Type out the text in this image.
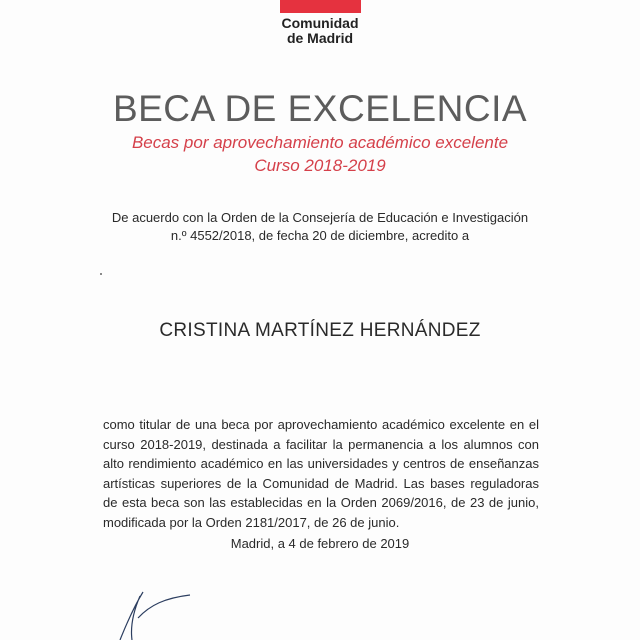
Comunidad
de Madrid
BECA DE EXCELENCIA
Becas por aprovechamiento académico excelente
Curso 2018-2019
De acuerdo con la Orden de la Consejería de Educación e Investigación
n.º 4552/2018, de fecha 20 de diciembre, acredito a
CRISTINA MARTÍNEZ HERNÁNDEZ
como titular de una beca por aprovechamiento académico excelente en el curso 2018-2019, destinada a facilitar la permanencia a los alumnos con alto rendimiento académico en las universidades y centros de enseñanzas artísticas superiores de la Comunidad de Madrid. Las bases reguladoras de esta beca son las establecidas en la Orden 2069/2016, de 23 de junio, modificada por la Orden 2181/2017, de 26 de junio.
Madrid, a 4 de febrero de 2019
